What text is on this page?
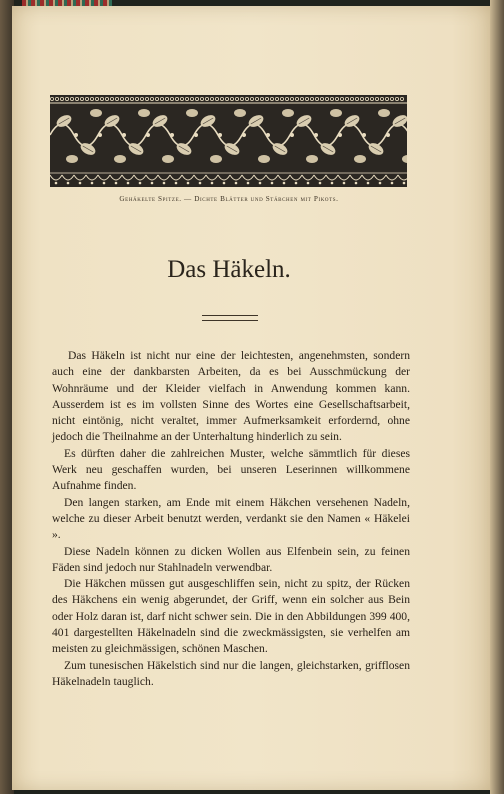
Gehäkelte Spitze. — Dichte Blätter und Stäbchen mit Pikots.
Das Häkeln.

Das Häkeln ist nicht nur eine der leichtesten, angenehmsten, sondern auch eine der dankbarsten Arbeiten, da es bei Ausschmückung der Wohnräume und der Kleider vielfach in Anwendung kommen kann. Ausserdem ist es im vollsten Sinne des Wortes eine Gesellschaftsarbeit, nicht eintönig, nicht veraltet, immer Aufmerksamkeit erfordernd, ohne jedoch die Theilnahme an der Unterhaltung hinderlich zu sein.

Es dürften daher die zahlreichen Muster, welche sämmtlich für dieses Werk neu geschaffen wurden, bei unseren Leserinnen willkommene Aufnahme finden.

Den langen starken, am Ende mit einem Häkchen versehenen Nadeln, welche zu dieser Arbeit benutzt werden, verdankt sie den Namen « Häkelei ».

Diese Nadeln können zu dicken Wollen aus Elfenbein sein, zu feinen Fäden sind jedoch nur Stahlnadeln verwendbar.

Die Häkchen müssen gut ausgeschliffen sein, nicht zu spitz, der Rücken des Häkchens ein wenig abgerundet, der Griff, wenn ein solcher aus Bein oder Holz daran ist, darf nicht schwer sein. Die in den Abbildungen 399 400, 401 dargestellten Häkelnadeln sind die zweckmässigsten, sie verhelfen am meisten zu gleichmässigen, schönen Maschen.

Zum tunesischen Häkelstich sind nur die langen, gleichstarken, grifflosen Häkelnadeln tauglich.
